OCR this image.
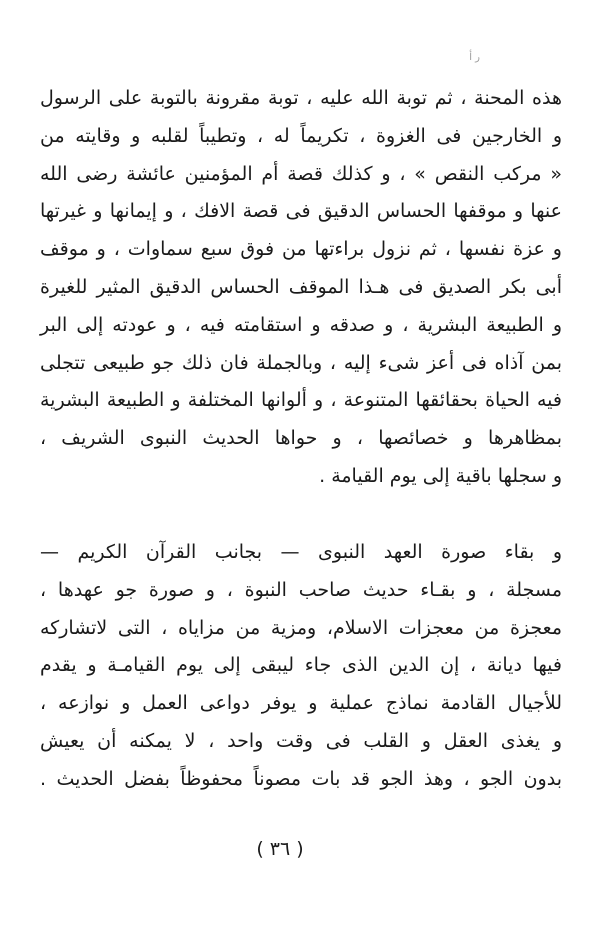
ﺭ ﺃ
هذه المحنة ، ثم توبة الله عليه ، توبة مقرونة بالتوبة على الرسول
و الخارجين فى الغزوة ، تكريماً له ، وتطيباً لقلبه و وقايته من
« مركب النقص » ، و كذلك قصة أم المؤمنين عائشة رضى الله
عنها و موقفها الحساس الدقيق فى قصة الافك ، و إيمانها و غيرتها
و عزة نفسها ، ثم نزول براءتها من فوق سبع سماوات ، و موقف
أبى بكر الصديق فى هـذا الموقف الحساس الدقيق المثير للغيرة
و الطبيعة البشرية ، و صدقه و استقامته فيه ، و عودته إلى البر
بمن آذاه فى أعز شىء إليه ، وبالجملة فان ذلك جو طبيعى تتجلى
فيه الحياة بحقائقها المتنوعة ، و ألوانها المختلفة و الطبيعة البشرية
بمظاهرها و خصائصها ، و حواها الحديث النبوى الشريف ،
و سجلها باقية إلى يوم القيامة .
و بقاء صورة العهد النبوى — بجانب القرآن الكريم —
مسجلة ، و بقـاء حديث صاحب النبوة ، و صورة جو عهدها ،
معجزة من معجزات الاسلام، ومزية من مزاياه ، التى لاتشاركه
فيها ديانة ، إن الدين الذى جاء ليبقى إلى يوم القيامـة و يقدم
للأجيال القادمة نماذج عملية و يوفر دواعى العمل و نوازعه ،
و يغذى العقل و القلب فى وقت واحد ، لا يمكنه أن يعيش
بدون الجو ، وهذ الجو قد بات مصوناً محفوظاً بفضل الحديث .
( ٣٦ )
